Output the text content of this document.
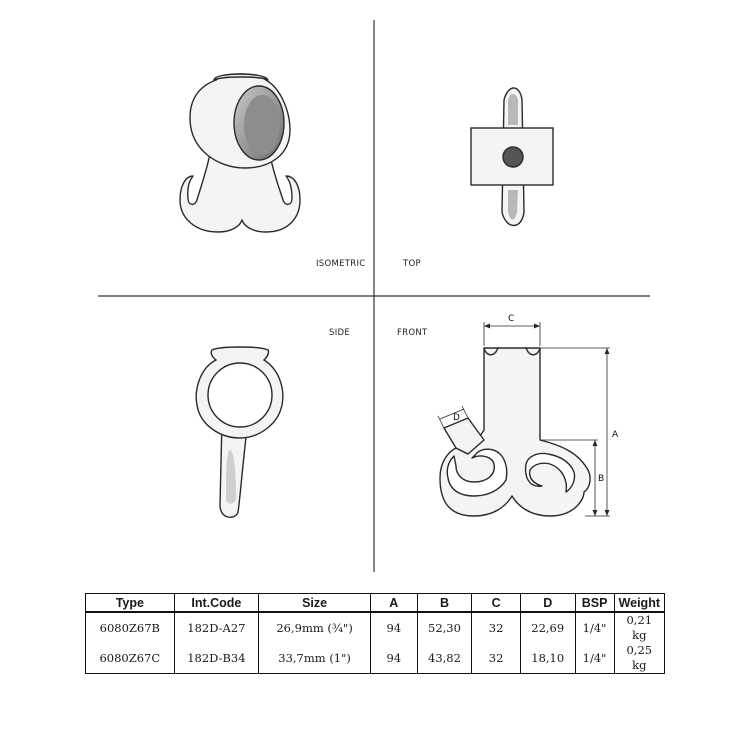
C
A
B
D
ISOMETRIC	TOP
SIDE	FRONT
Type	Int.Code	Size	A	B	C	D	BSP	Weight
6080Z67B	182D-A27	26,9mm (¾")	94	52,30	32	22,69	1/4"	0,21 kg
6080Z67C	182D-B34	33,7mm (1")	94	43,82	32	18,10	1/4"	0,25 kg
